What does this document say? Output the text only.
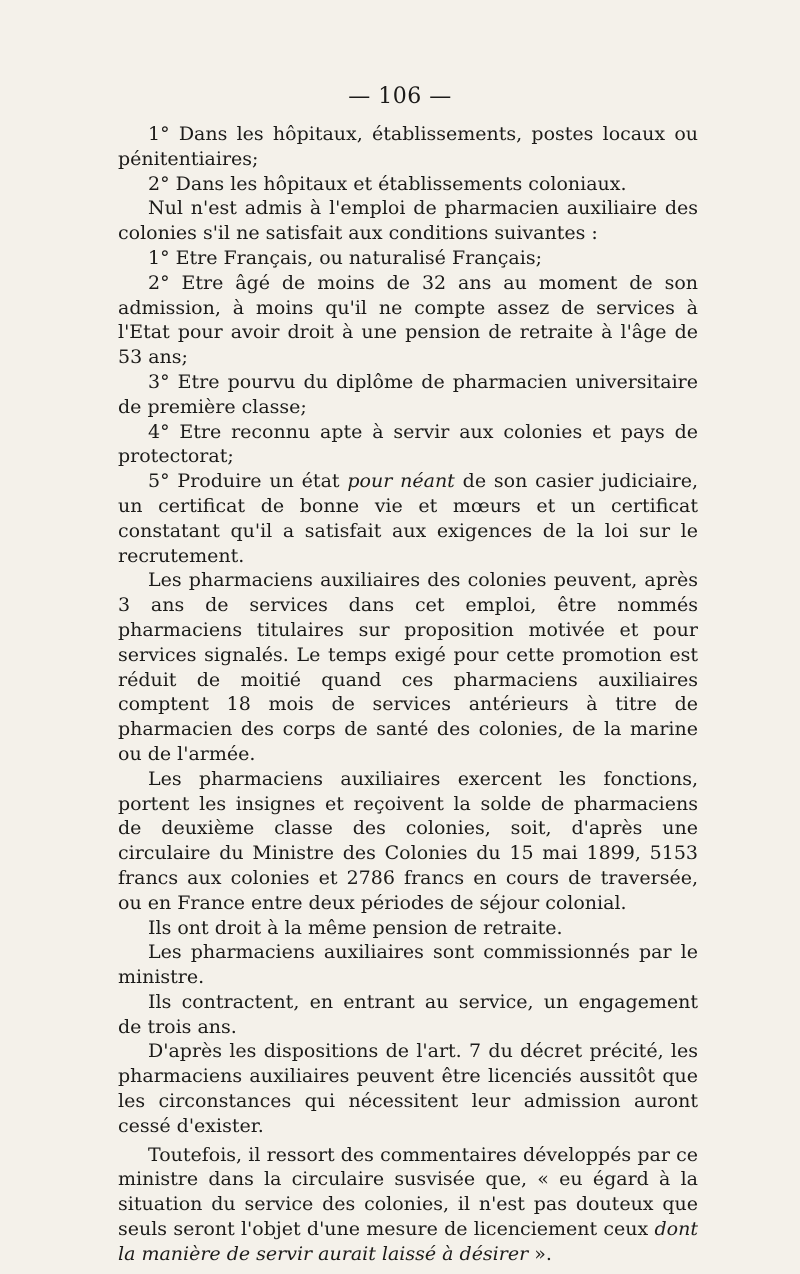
— 106 —

1° Dans les hôpitaux, établissements, postes locaux ou pénitentiaires;

2° Dans les hôpitaux et établissements coloniaux.

Nul n'est admis à l'emploi de pharmacien auxiliaire des colonies s'il ne satisfait aux conditions suivantes :

1° Etre Français, ou naturalisé Français;

2° Etre âgé de moins de 32 ans au moment de son admission, à moins qu'il ne compte assez de services à l'Etat pour avoir droit à une pension de retraite à l'âge de 53 ans;

3° Etre pourvu du diplôme de pharmacien universitaire de première classe;

4° Etre reconnu apte à servir aux colonies et pays de protectorat;

5° Produire un état pour néant de son casier judiciaire, un certificat de bonne vie et mœurs et un certificat constatant qu'il a satisfait aux exigences de la loi sur le recrutement.

Les pharmaciens auxiliaires des colonies peuvent, après 3 ans de services dans cet emploi, être nommés pharmaciens titulaires sur proposition motivée et pour services signalés. Le temps exigé pour cette promotion est réduit de moitié quand ces pharmaciens auxiliaires comptent 18 mois de services antérieurs à titre de pharmacien des corps de santé des colonies, de la marine ou de l'armée.

Les pharmaciens auxiliaires exercent les fonctions, portent les insignes et reçoivent la solde de pharmaciens de deuxième classe des colonies, soit, d'après une circulaire du Ministre des Colonies du 15 mai 1899, 5153 francs aux colonies et 2786 francs en cours de traversée, ou en France entre deux périodes de séjour colonial.

Ils ont droit à la même pension de retraite.

Les pharmaciens auxiliaires sont commissionnés par le ministre.

Ils contractent, en entrant au service, un engagement de trois ans.

D'après les dispositions de l'art. 7 du décret précité, les pharmaciens auxiliaires peuvent être licenciés aussitôt que les circonstances qui nécessitent leur admission auront cessé d'exister.

Toutefois, il ressort des commentaires développés par ce ministre dans la circulaire susvisée que, « eu égard à la situation du service des colonies, il n'est pas douteux que seuls seront l'objet d'une mesure de licenciement ceux dont la manière de servir aurait laissé à désirer ».
